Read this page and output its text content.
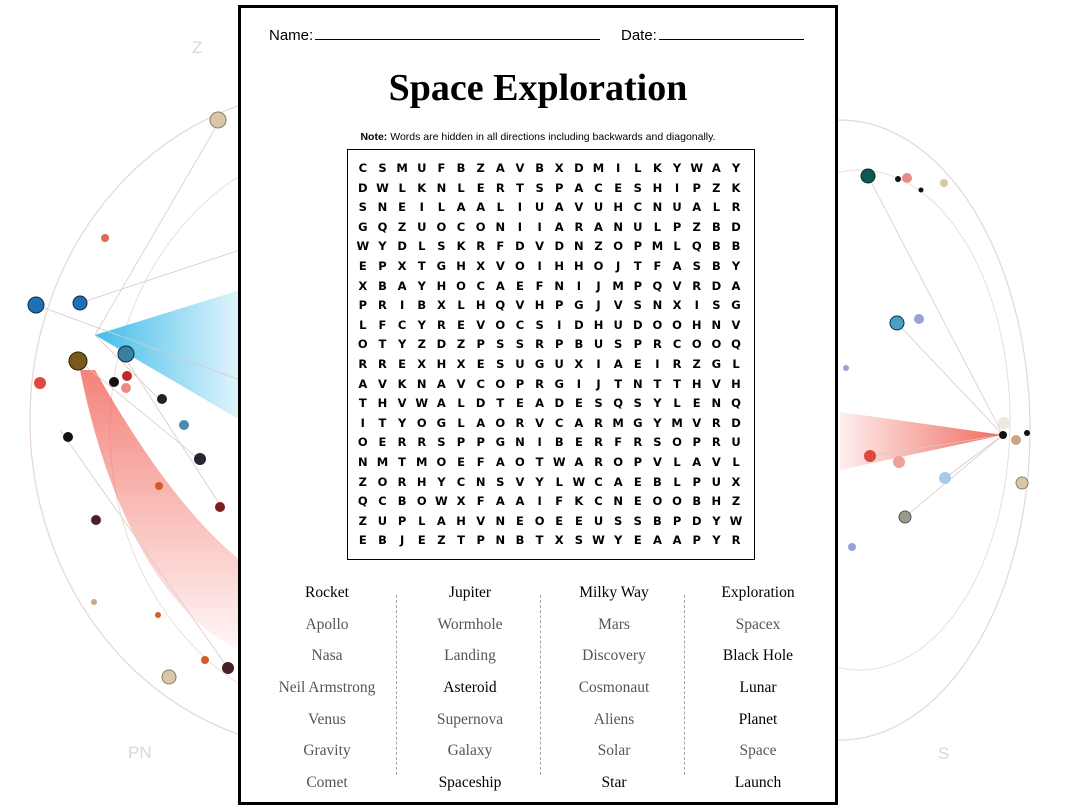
Z
PN	S
Name:	Date:
Space Exploration
Note: Words are hidden in all directions including backwards and diagonally.
C S M U F B Z A V B X D M	I	L	K Y W A Y
D W L	K N L	E R T	S P A C E	S H	I	P Z K
S N E	I	L	A A	L	I	U A V U H C N U A	L	R
G Q Z U O C O N	I	I	A R A N U L	P Z B D
W Y D L	S K R F D V D N Z O P M L Q B B
E P X T G H X V O	I	H H O	J	T	F A S B Y
X B A Y H O C A E	F N	I	J	M P Q V R D A
P R	I	B X	L H Q V H P G	J	V S N X	I	S G
L	F C Y R E V O C S	I	D H U D O O H N V
O T	Y Z D Z P S S R P B U S P R C O O Q
R R E X H X E	S U G U X	I	A E	I	R Z G L
A V K N A V C O P R G	I	J	T N T	T H V H
T H V W A	L D T	E A D E	S Q S Y	L	E N Q
I	T	Y O G L	A O R V C A R M G Y M V R D
O E R R S P P G N	I	B E R F R S O P R U
N M T M O E	F A O T W A R O P V	L	A V	L
Z O R H Y C N S V Y	L W C A E B	L	P U X
Q C B O W X F A A	I	F K C N E O O B H Z
Z U P	L	A H V N E O E	E U S S B P D Y W
E B	J	E	Z	T P N B T X S W Y	E A A P Y R
Rocket
Apollo
Nasa
Neil Armstrong
Venus
Gravity
Comet
Jupiter
Wormhole
Landing
Asteroid
Supernova
Galaxy
Spaceship
Milky Way
Mars
Discovery
Cosmonaut
Aliens
Solar
Star
Exploration
Spacex
Black Hole
Lunar
Planet
Space
Launch
